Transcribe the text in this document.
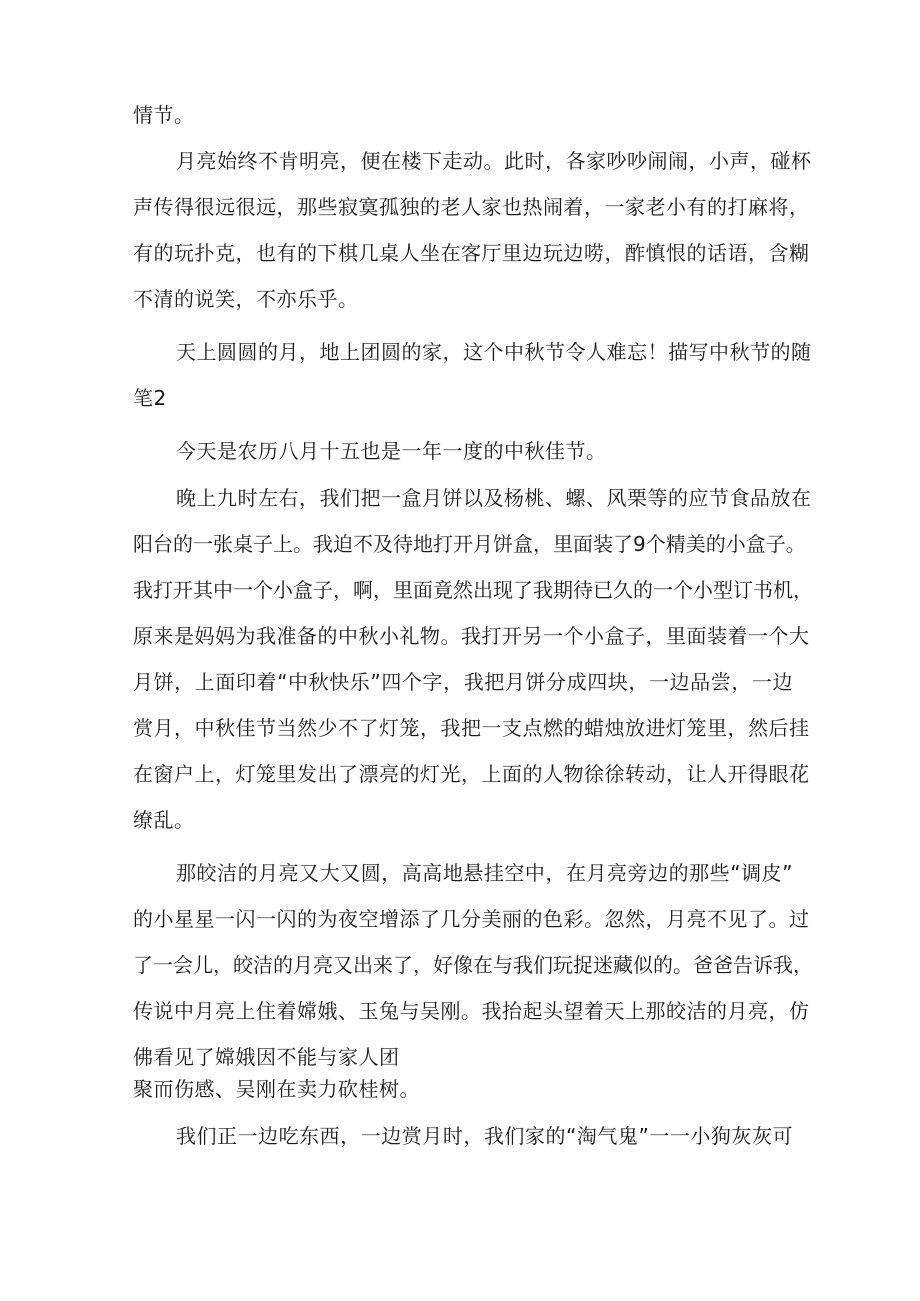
情节。
月亮始终不肯明亮，便在楼下走动。此时，各家吵吵闹闹，小声，碰杯
声传得很远很远，那些寂寞孤独的老人家也热闹着，一家老小有的打麻将，
有的玩扑克，也有的下棋几桌人坐在客厅里边玩边唠，酢慎恨的话语，含糊
不清的说笑，不亦乐乎。
天上圆圆的月，地上团圆的家，这个中秋节令人难忘！描写中秋节的随
笔2
今天是农历八月十五也是一年一度的中秋佳节。
晚上九时左右，我们把一盒月饼以及杨桃、螺、风栗等的应节食品放在
阳台的一张桌子上。我迫不及待地打开月饼盒，里面装了9个精美的小盒子。
我打开其中一个小盒子，啊，里面竟然出现了我期待已久的一个小型订书机，
原来是妈妈为我准备的中秋小礼物。我打开另一个小盒子，里面装着一个大
月饼，上面印着“中秋快乐”四个字，我把月饼分成四块，一边品尝，一边
赏月，中秋佳节当然少不了灯笼，我把一支点燃的蜡烛放进灯笼里，然后挂
在窗户上，灯笼里发出了漂亮的灯光，上面的人物徐徐转动，让人开得眼花
缭乱。
那皎洁的月亮又大又圆，高高地悬挂空中，在月亮旁边的那些“调皮”
的小星星一闪一闪的为夜空增添了几分美丽的色彩。忽然，月亮不见了。过
了一会儿，皎洁的月亮又出来了，好像在与我们玩捉迷藏似的。爸爸告诉我，
传说中月亮上住着嫦娥、玉兔与吴刚。我抬起头望着天上那皎洁的月亮，仿
佛看见了嫦娥因不能与家人团
聚而伤感、吴刚在卖力砍桂树。
我们正一边吃东西，一边赏月时，我们家的“淘气鬼”一一小狗灰灰可
